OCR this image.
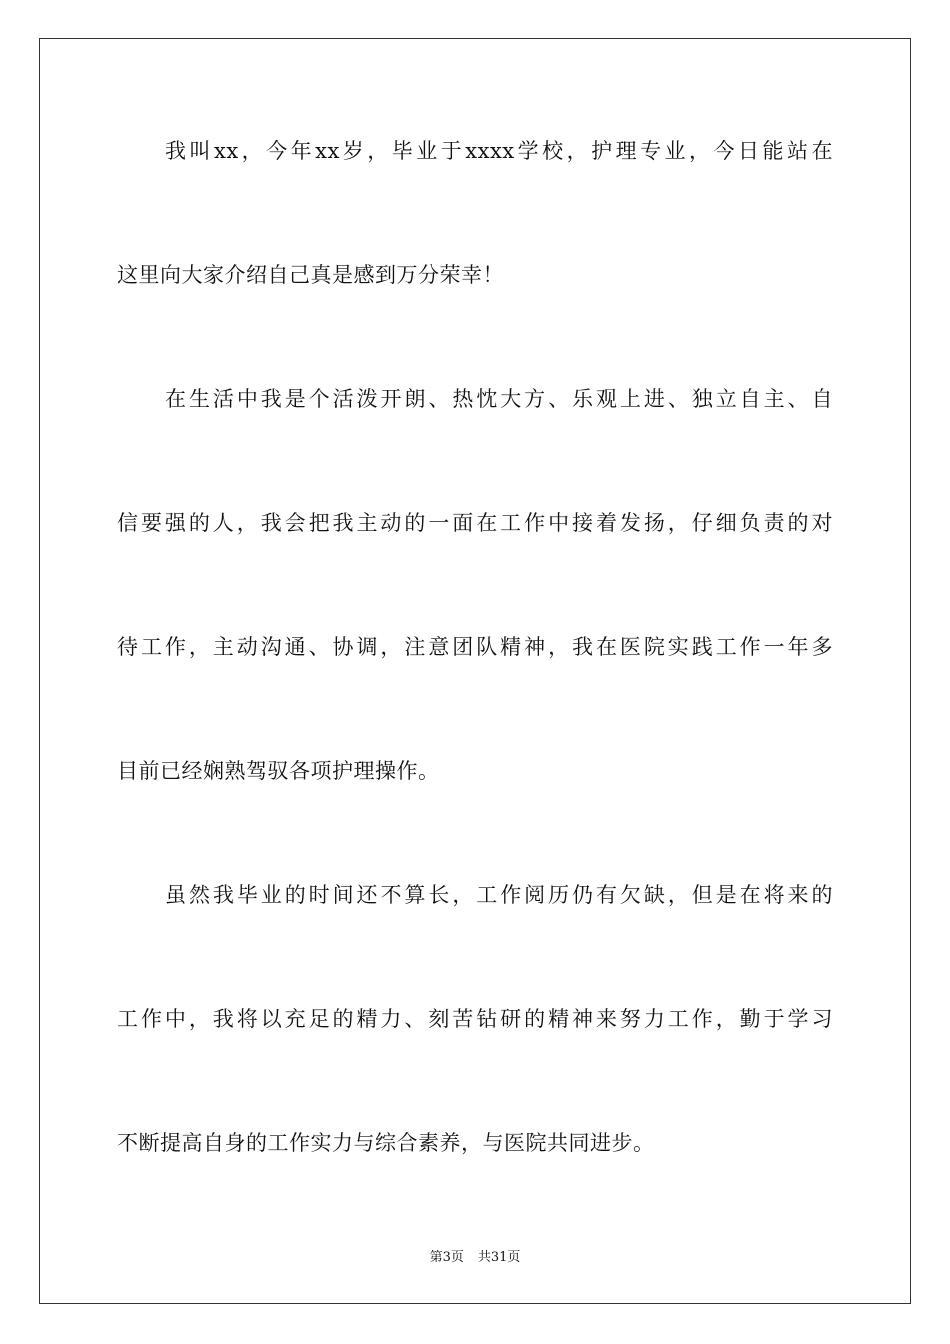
我叫xx，今年xx岁，毕业于xxxx学校，护理专业，今日能站在
这里向大家介绍自己真是感到万分荣幸！
在生活中我是个活泼开朗、热忱大方、乐观上进、独立自主、自
信要强的人，我会把我主动的一面在工作中接着发扬，仔细负责的对
待工作，主动沟通、协调，注意团队精神，我在医院实践工作一年多
目前已经娴熟驾驭各项护理操作。
虽然我毕业的时间还不算长，工作阅历仍有欠缺，但是在将来的
工作中，我将以充足的精力、刻苦钻研的精神来努力工作，勤于学习
不断提高自身的工作实力与综合素养，与医院共同进步。
第3页 共31页
